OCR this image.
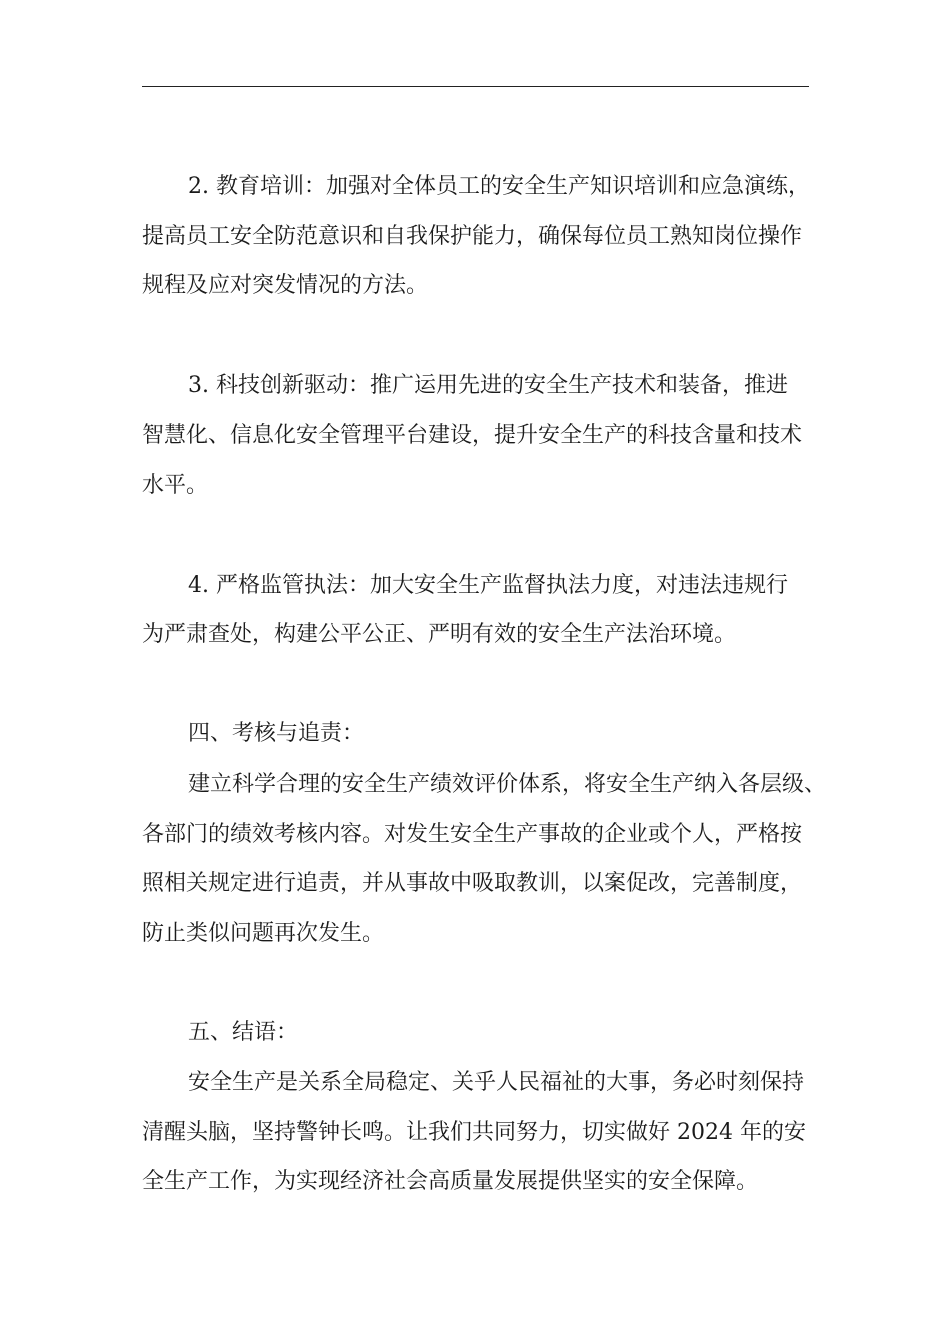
2. 教育培训：加强对全体员工的安全生产知识培训和应急演练，
提高员工安全防范意识和自我保护能力，确保每位员工熟知岗位操作
规程及应对突发情况的方法。
3. 科技创新驱动：推广运用先进的安全生产技术和装备，推进
智慧化、信息化安全管理平台建设，提升安全生产的科技含量和技术
水平。
4. 严格监管执法：加大安全生产监督执法力度，对违法违规行
为严肃查处，构建公平公正、严明有效的安全生产法治环境。
四、考核与追责：
建立科学合理的安全生产绩效评价体系，将安全生产纳入各层级、
各部门的绩效考核内容。对发生安全生产事故的企业或个人，严格按
照相关规定进行追责，并从事故中吸取教训，以案促改，完善制度，
防止类似问题再次发生。
五、结语：
安全生产是关系全局稳定、关乎人民福祉的大事，务必时刻保持
清醒头脑，坚持警钟长鸣。让我们共同努力，切实做好 2024 年的安
全生产工作，为实现经济社会高质量发展提供坚实的安全保障。
